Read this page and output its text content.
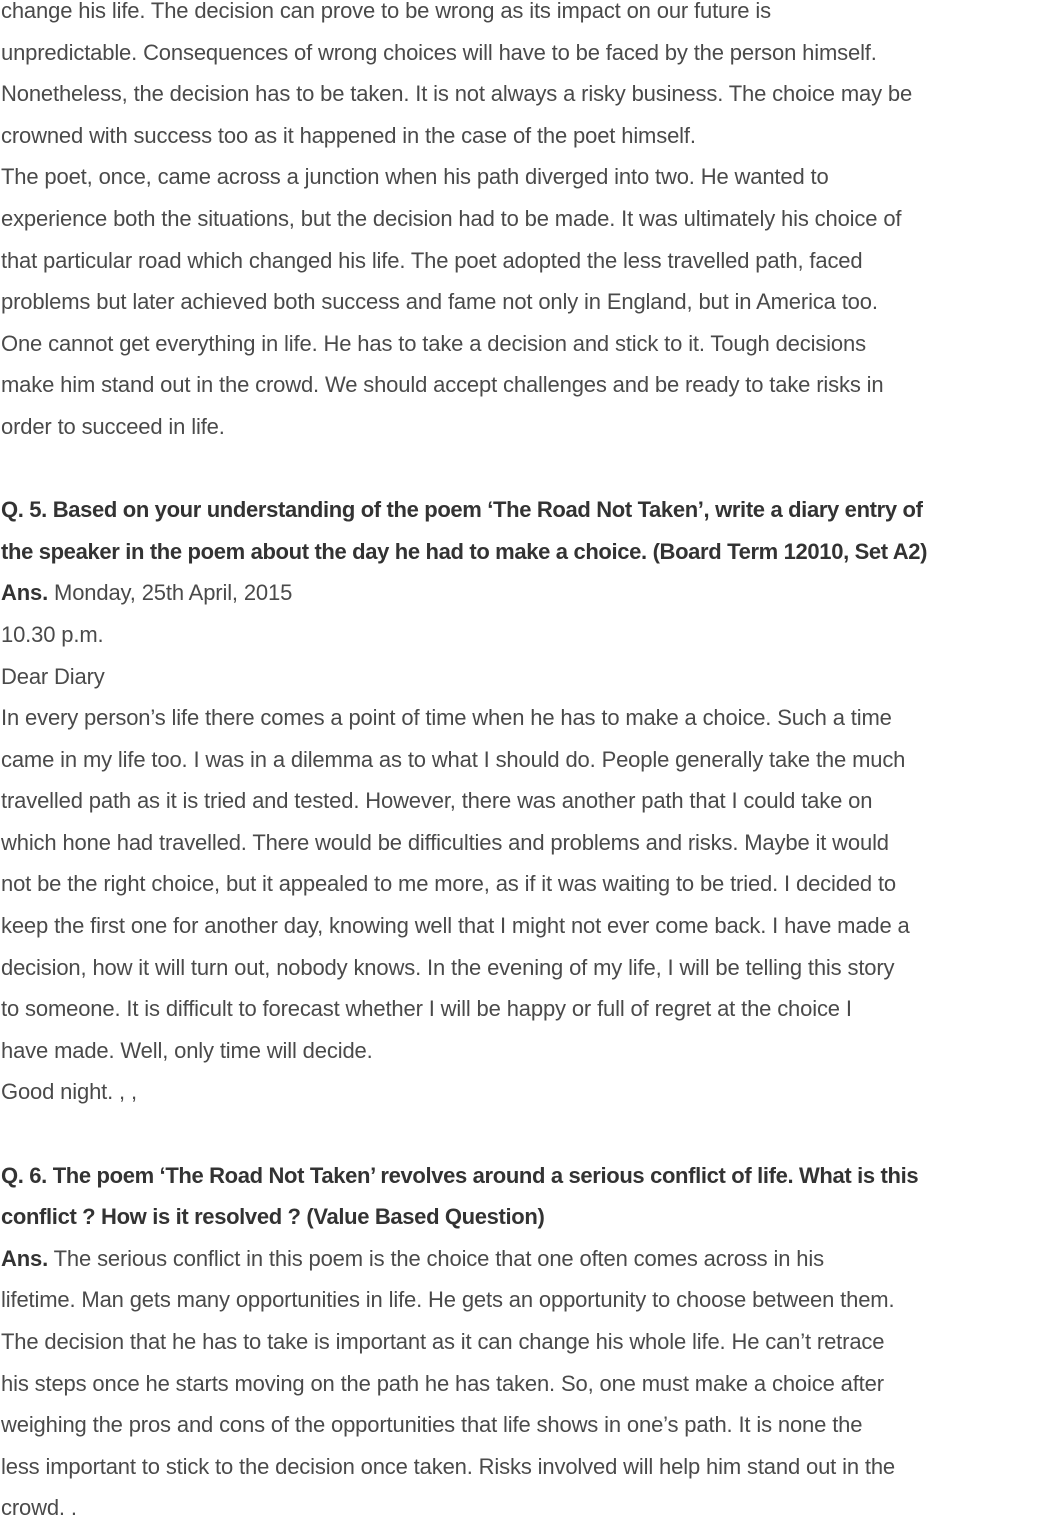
change his life. The decision can prove to be wrong as its impact on our future is
unpredictable. Consequences of wrong choices will have to be faced by the person himself.
Nonetheless, the decision has to be taken. It is not always a risky business. The choice may be
crowned with success too as it happened in the case of the poet himself.
The poet, once, came across a junction when his path diverged into two. He wanted to
experience both the situations, but the decision had to be made. It was ultimately his choice of
that particular road which changed his life. The poet adopted the less travelled path, faced
problems but later achieved both success and fame not only in England, but in America too.
One cannot get everything in life. He has to take a decision and stick to it. Tough decisions
make him stand out in the crowd. We should accept challenges and be ready to take risks in
order to succeed in life.
Q. 5. Based on your understanding of the poem ‘The Road Not Taken’, write a diary entry of
the speaker in the poem about the day he had to make a choice. (Board Term 12010, Set A2)
Ans. Monday, 25th April, 2015
10.30 p.m.
Dear Diary
In every person’s life there comes a point of time when he has to make a choice. Such a time
came in my life too. I was in a dilemma as to what I should do. People generally take the much
travelled path as it is tried and tested. However, there was another path that I could take on
which hone had travelled. There would be difficulties and problems and risks. Maybe it would
not be the right choice, but it appealed to me more, as if it was waiting to be tried. I decided to
keep the first one for another day, knowing well that I might not ever come back. I have made a
decision, how it will turn out, nobody knows. In the evening of my life, I will be telling this story
to someone. It is difficult to forecast whether I will be happy or full of regret at the choice I
have made. Well, only time will decide.
Good night. , ,
Q. 6. The poem ‘The Road Not Taken’ revolves around a serious conflict of life. What is this
conflict ? How is it resolved ? (Value Based Question)
Ans. The serious conflict in this poem is the choice that one often comes across in his
lifetime. Man gets many opportunities in life. He gets an opportunity to choose between them.
The decision that he has to take is important as it can change his whole life. He can’t retrace
his steps once he starts moving on the path he has taken. So, one must make a choice after
weighing the pros and cons of the opportunities that life shows in one’s path. It is none the
less important to stick to the decision once taken. Risks involved will help him stand out in the
crowd. .
